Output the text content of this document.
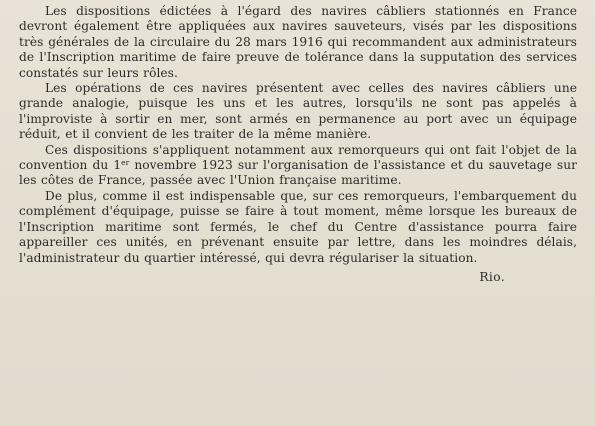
Les dispositions édictées à l'égard des navires câbliers stationnés en France devront également être appliquées aux navires sauveteurs, visés par les dispositions très générales de la circulaire du 28 mars 1916 qui recommandent aux administrateurs de l'Inscription maritime de faire preuve de tolérance dans la supputation des services constatés sur leurs rôles.

Les opérations de ces navires présentent avec celles des navires câbliers une grande analogie, puisque les uns et les autres, lorsqu'ils ne sont pas appelés à l'improviste à sortir en mer, sont armés en permanence au port avec un équipage réduit, et il convient de les traiter de la même manière.

Ces dispositions s'appliquent notamment aux remorqueurs qui ont fait l'objet de la convention du 1er novembre 1923 sur l'organisation de l'assistance et du sauvetage sur les côtes de France, passée avec l'Union française maritime.

De plus, comme il est indispensable que, sur ces remorqueurs, l'embarquement du complément d'équipage, puisse se faire à tout moment, même lorsque les bureaux de l'Inscription maritime sont fermés, le chef du Centre d'assistance pourra faire appareiller ces unités, en prévenant ensuite par lettre, dans les moindres délais, l'administrateur du quartier intéressé, qui devra régulariser la situation.

Rio.
